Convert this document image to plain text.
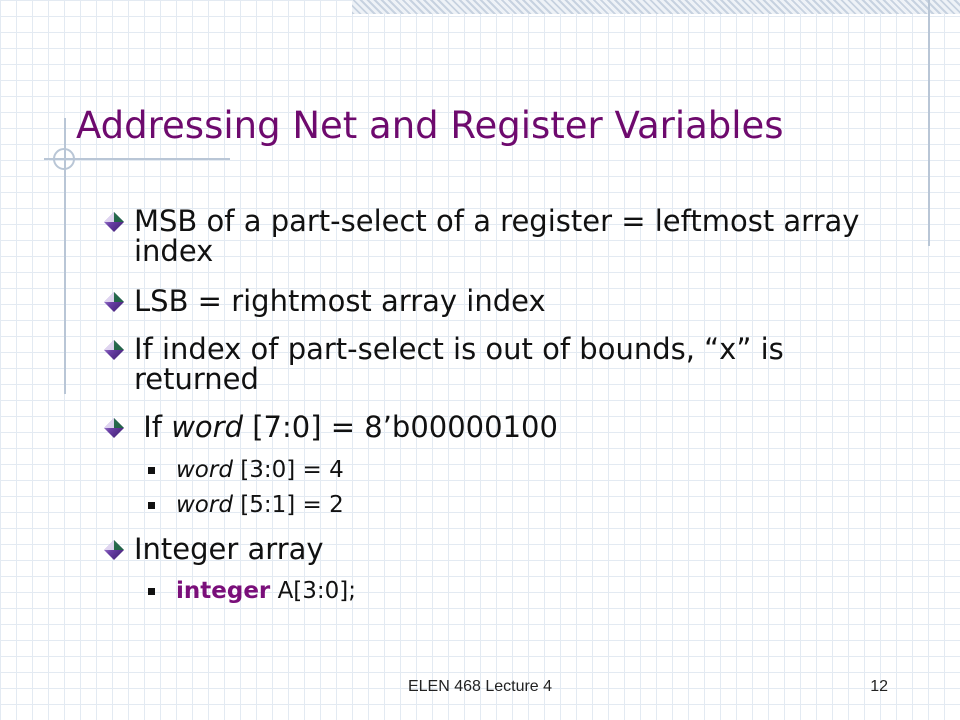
Addressing Net and Register Variables
MSB of a part-select of a register = leftmost array index
LSB = rightmost array index
If index of part-select is out of bounds, “x” is returned
If word [7:0] = 8’b00000100
word [3:0] = 4
word [5:1] = 2
Integer array
integer A[3:0];
ELEN 468 Lecture 4	12
